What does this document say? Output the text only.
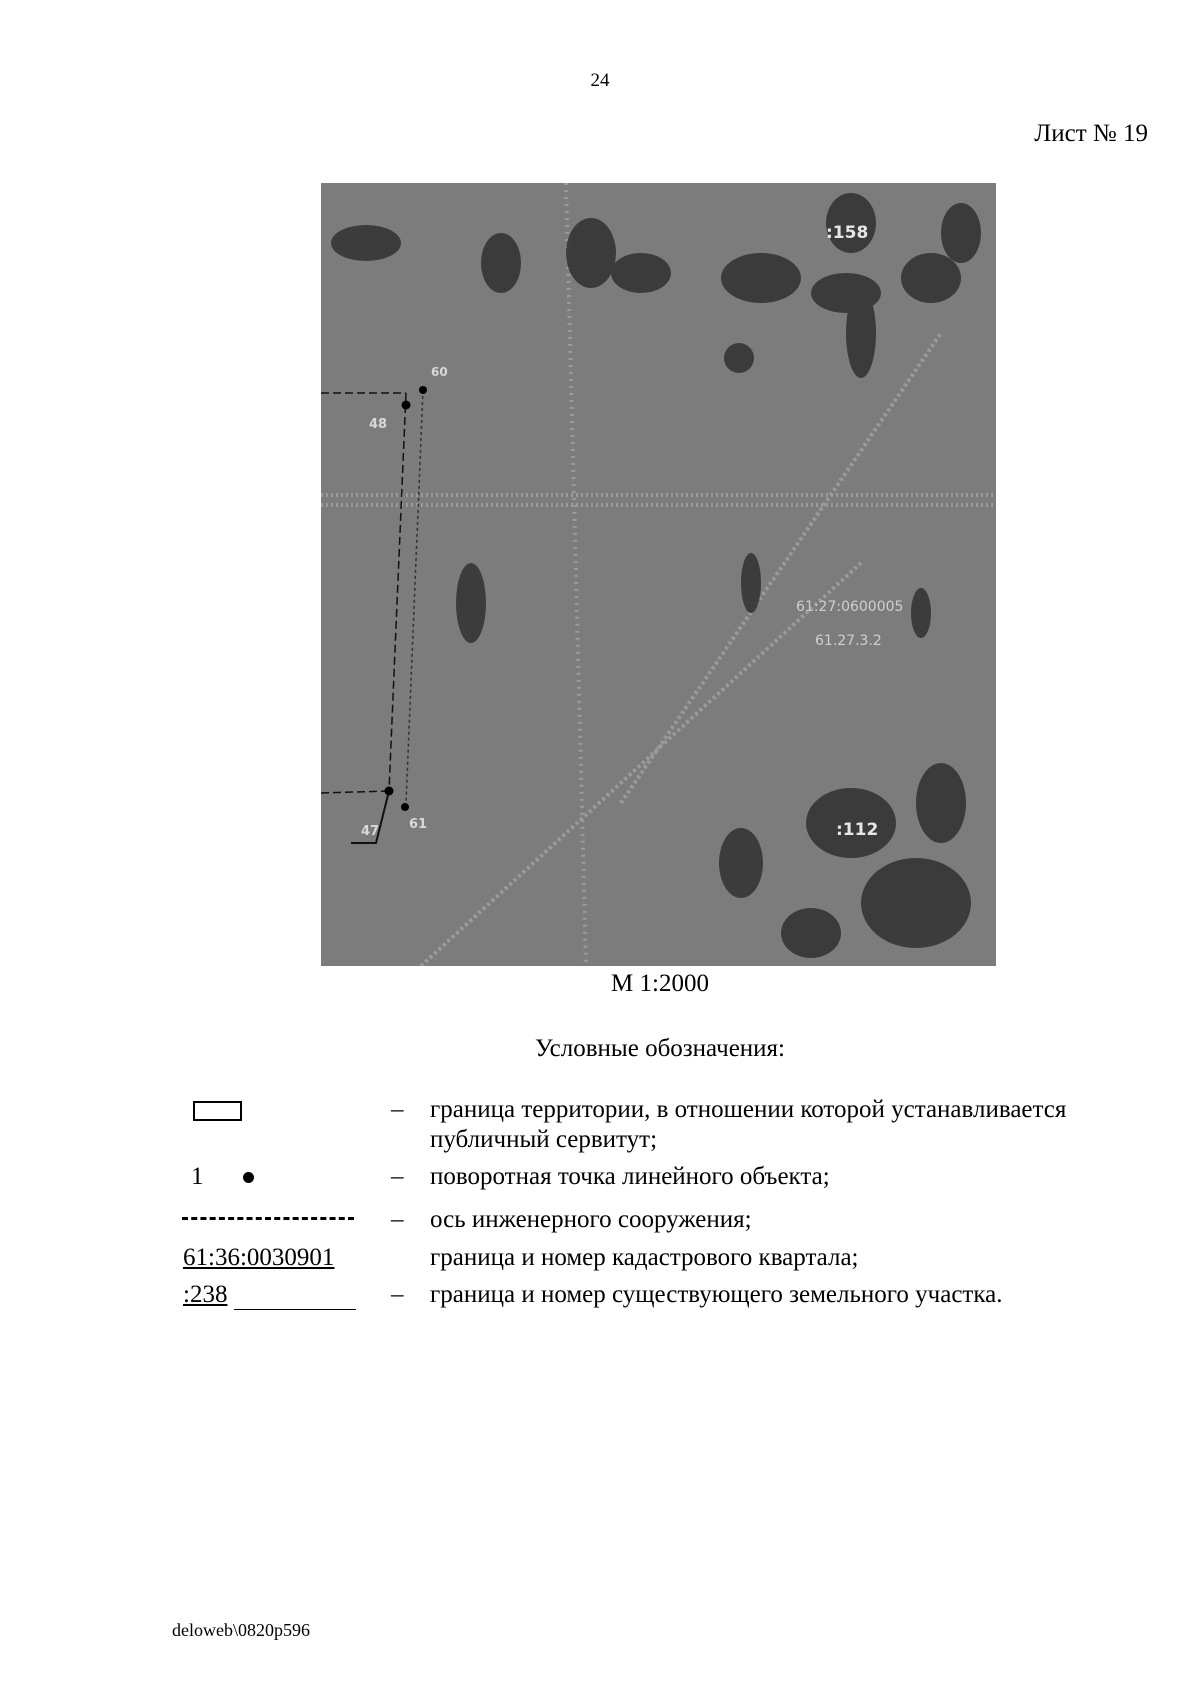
24
Лист № 19
:158
:112
60
48
47 61
61:27:0600005
61.27.3.2
М 1:2000
Условные обозначения:
– граница территории, в отношении которой устанавливается публичный сервитут;
1	– поворотная точка линейного объекта;
– ось инженерного сооружения;
61:36:0030901	граница и номер кадастрового квартала;
:238	– граница и номер существующего земельного участка.
deloweb\0820p596
